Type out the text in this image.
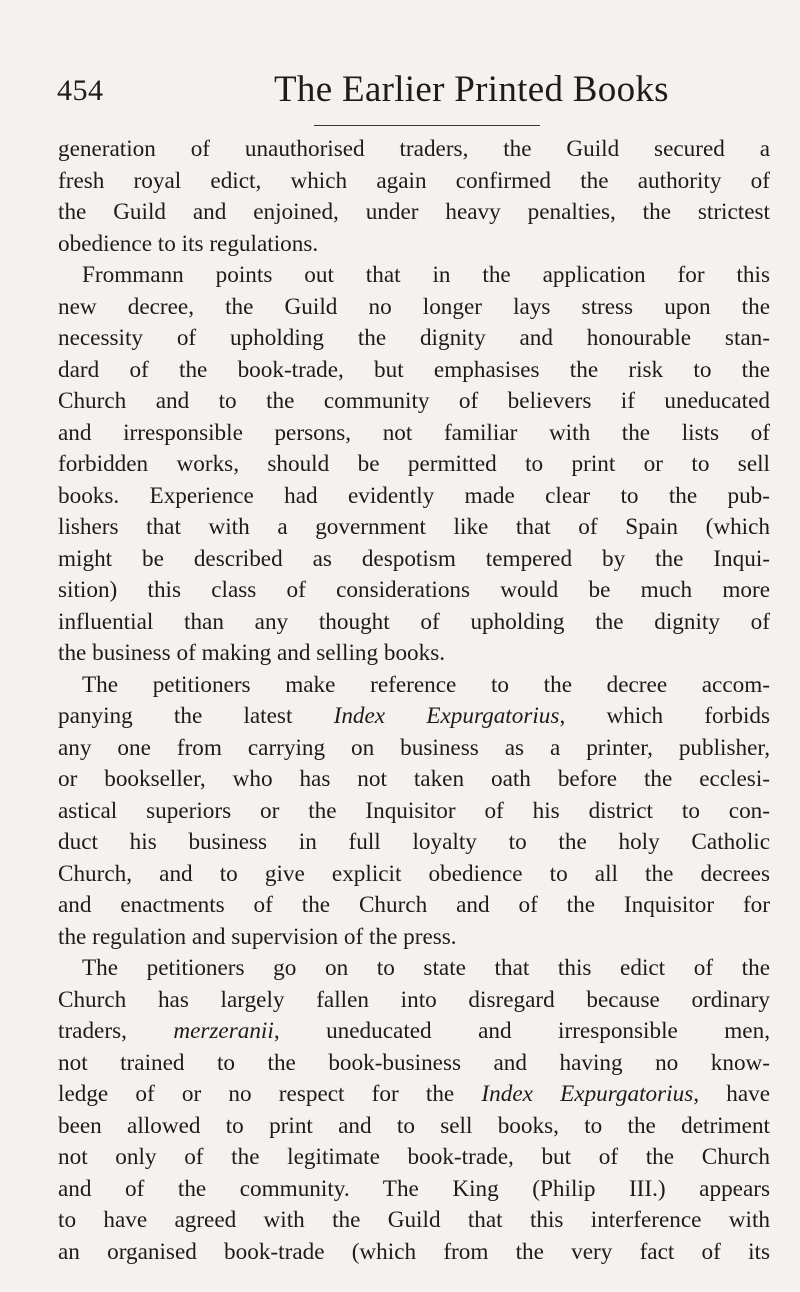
454	The Earlier Printed Books
generation of unauthorised traders, the Guild secured a
fresh royal edict, which again confirmed the authority of
the Guild and enjoined, under heavy penalties, the strictest
obedience to its regulations.
Frommann points out that in the application for this
new decree, the Guild no longer lays stress upon the
necessity of upholding the dignity and honourable stan-
dard of the book-trade, but emphasises the risk to the
Church and to the community of believers if uneducated
and irresponsible persons, not familiar with the lists of
forbidden works, should be permitted to print or to sell
books. Experience had evidently made clear to the pub-
lishers that with a government like that of Spain (which
might be described as despotism tempered by the Inqui-
sition) this class of considerations would be much more
influential than any thought of upholding the dignity of
the business of making and selling books.
The petitioners make reference to the decree accom-
panying the latest Index Expurgatorius, which forbids
any one from carrying on business as a printer, publisher,
or bookseller, who has not taken oath before the ecclesi-
astical superiors or the Inquisitor of his district to con-
duct his business in full loyalty to the holy Catholic
Church, and to give explicit obedience to all the decrees
and enactments of the Church and of the Inquisitor for
the regulation and supervision of the press.
The petitioners go on to state that this edict of the
Church has largely fallen into disregard because ordinary
traders, merzeranii, uneducated and irresponsible men,
not trained to the book-business and having no know-
ledge of or no respect for the Index Expurgatorius, have
been allowed to print and to sell books, to the detriment
not only of the legitimate book-trade, but of the Church
and of the community. The King (Philip III.) appears
to have agreed with the Guild that this interference with
an organised book-trade (which from the very fact of its
